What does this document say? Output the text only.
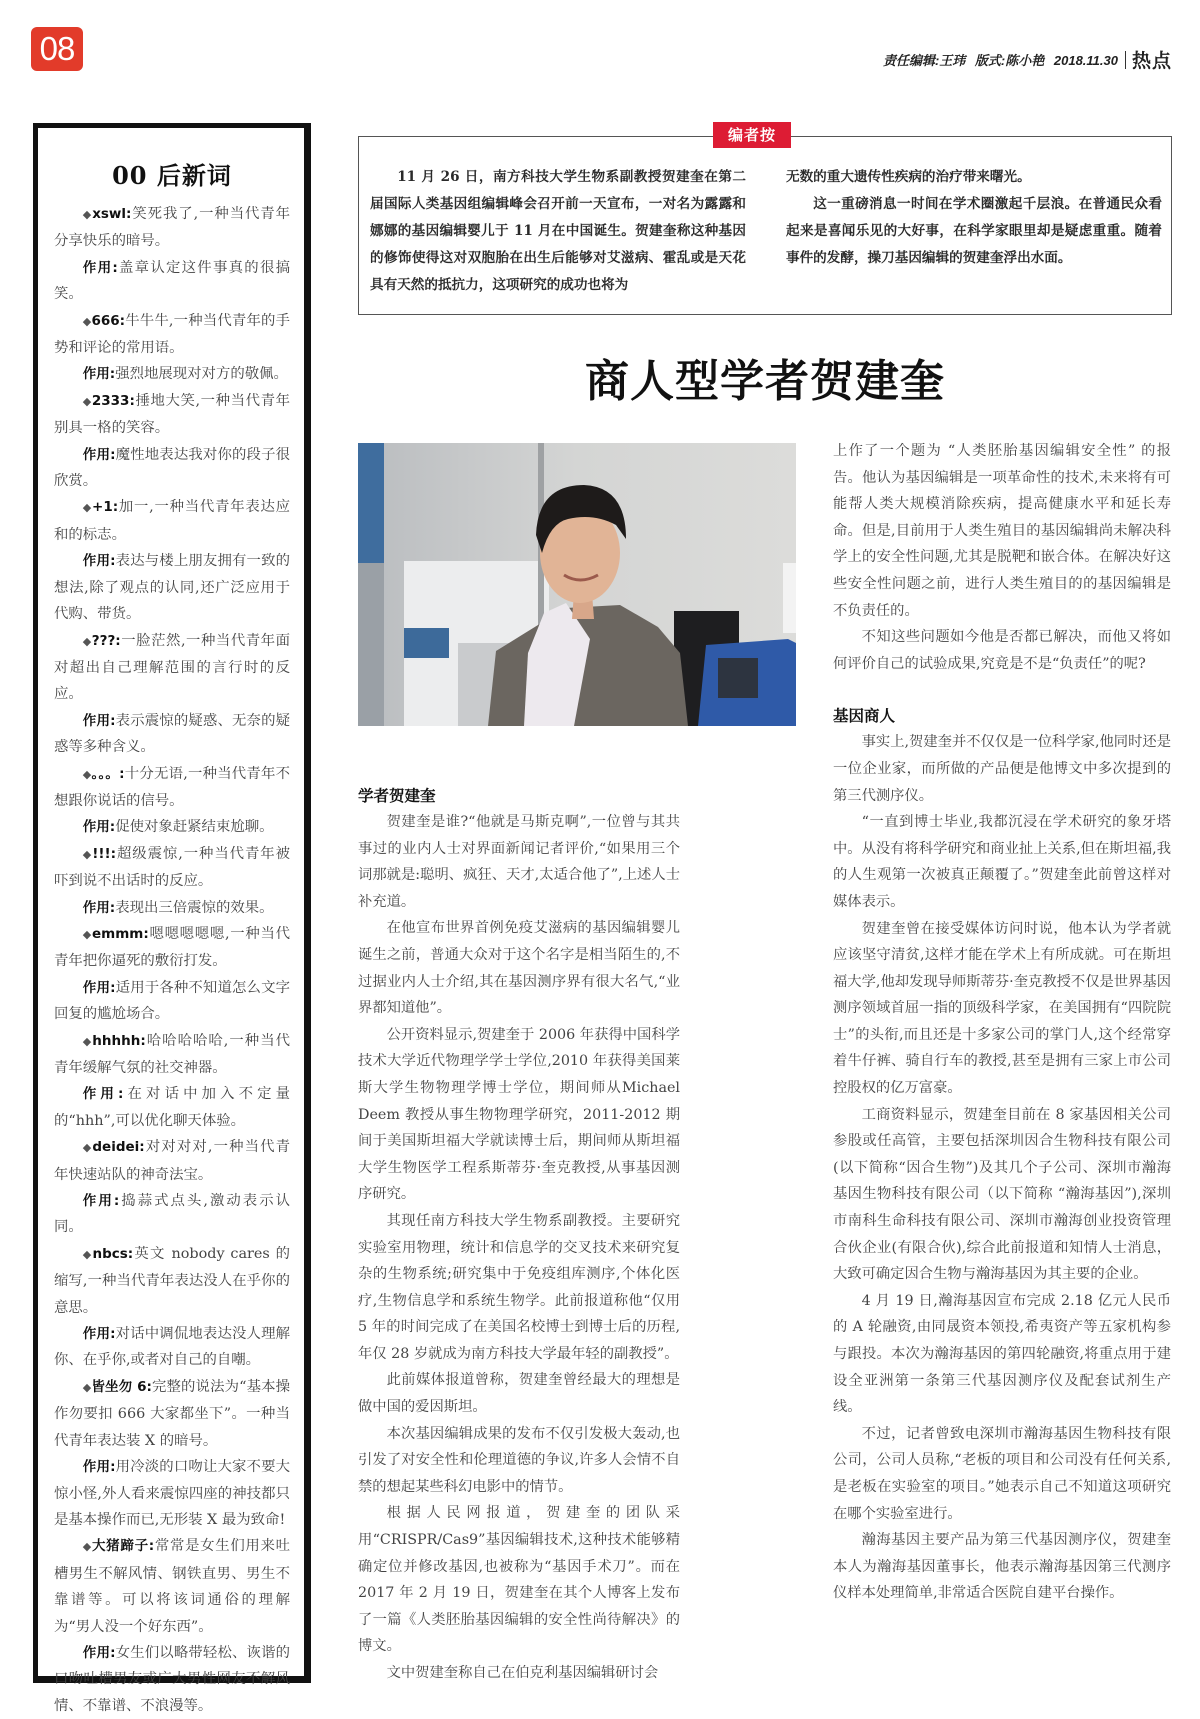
08	责任编辑:王玮 版式:陈小艳 2018.11.30 热点
00 后新词

◆xswl:笑死我了,一种当代青年分享快乐的暗号。

作用:盖章认定这件事真的很搞笑。

◆666:牛牛牛,一种当代青年的手势和评论的常用语。

作用:强烈地展现对对方的敬佩。

◆2333:捶地大笑,一种当代青年别具一格的笑容。

作用:魔性地表达我对你的段子很欣赏。

◆+1:加一,一种当代青年表达应和的标志。

作用:表达与楼上朋友拥有一致的想法,除了观点的认同,还广泛应用于代购、带货。

◆???:一脸茫然,一种当代青年面对超出自己理解范围的言行时的反应。

作用:表示震惊的疑惑、无奈的疑惑等多种含义。

◆。。。:十分无语,一种当代青年不想跟你说话的信号。

作用:促使对象赶紧结束尬聊。

◆!!!:超级震惊,一种当代青年被吓到说不出话时的反应。

作用:表现出三倍震惊的效果。

◆emmm:嗯嗯嗯嗯嗯,一种当代青年把你逼死的敷衍打发。

作用:适用于各种不知道怎么文字回复的尴尬场合。

◆hhhhh:哈哈哈哈哈,一种当代青年缓解气氛的社交神器。

作用:在对话中加入不定量的“hhh”,可以优化聊天体验。

◆deidei:对对对对,一种当代青年快速站队的神奇法宝。

作用:捣蒜式点头,激动表示认同。

◆nbcs:英文 nobody cares 的缩写,一种当代青年表达没人在乎你的意思。

作用:对话中调侃地表达没人理解你、在乎你,或者对自己的自嘲。

◆皆坐勿 6:完整的说法为“基本操作勿要扣 666 大家都坐下”。一种当代青年表达装 X 的暗号。

作用:用冷淡的口吻让大家不要大惊小怪,外人看来震惊四座的神技都只是基本操作而已,无形装 X 最为致命!

◆大猪蹄子:常常是女生们用来吐槽男生不解风情、钢铁直男、男生不靠谱等。可以将该词通俗的理解为“男人没一个好东西”。

作用:女生们以略带轻松、诙谐的口吻吐槽男友或广大男性网友不解风情、不靠谱、不浪漫等。

编者按

11 月 26 日，南方科技大学生物系副教授贺建奎在第二届国际人类基因组编辑峰会召开前一天宣布，一对名为露露和娜娜的基因编辑婴儿于 11 月在中国诞生。贺建奎称这种基因的修饰使得这对双胞胎在出生后能够对艾滋病、霍乱或是天花具有天然的抵抗力，这项研究的成功也将为

无数的重大遗传性疾病的治疗带来曙光。

这一重磅消息一时间在学术圈激起千层浪。在普通民众看起来是喜闻乐见的大好事，在科学家眼里却是疑虑重重。随着事件的发酵，操刀基因编辑的贺建奎浮出水面。

商人型学者贺建奎
学者贺建奎

贺建奎是谁?“他就是马斯克啊”,一位曾与其共事过的业内人士对界面新闻记者评价,“如果用三个词那就是:聪明、疯狂、天才,太适合他了”,上述人士补充道。

在他宣布世界首例免疫艾滋病的基因编辑婴儿诞生之前，普通大众对于这个名字是相当陌生的,不过据业内人士介绍,其在基因测序界有很大名气,“业界都知道他”。

公开资料显示,贺建奎于 2006 年获得中国科学技术大学近代物理学学士学位,2010 年获得美国莱斯大学生物物理学博士学位，期间师从Michael Deem 教授从事生物物理学研究，2011-2012 期间于美国斯坦福大学就读博士后，期间师从斯坦福大学生物医学工程系斯蒂芬·奎克教授,从事基因测序研究。

其现任南方科技大学生物系副教授。主要研究实验室用物理，统计和信息学的交叉技术来研究复杂的生物系统;研究集中于免疫组库测序,个体化医疗,生物信息学和系统生物学。此前报道称他“仅用 5 年的时间完成了在美国名校博士到博士后的历程,年仅 28 岁就成为南方科技大学最年轻的副教授”。

此前媒体报道曾称，贺建奎曾经最大的理想是做中国的爱因斯坦。

本次基因编辑成果的发布不仅引发极大轰动,也引发了对安全性和伦理道德的争议,许多人会情不自禁的想起某些科幻电影中的情节。

根据人民网报道，贺建奎的团队采用“CRISPR/Cas9”基因编辑技术,这种技术能够精确定位并修改基因,也被称为“基因手术刀”。而在 2017 年 2 月 19 日，贺建奎在其个人博客上发布了一篇《人类胚胎基因编辑的安全性尚待解决》的博文。

文中贺建奎称自己在伯克利基因编辑研讨会

上作了一个题为 “人类胚胎基因编辑安全性” 的报告。他认为基因编辑是一项革命性的技术,未来将有可能帮人类大规模消除疾病，提高健康水平和延长寿命。但是,目前用于人类生殖目的基因编辑尚未解决科学上的安全性问题,尤其是脱靶和嵌合体。在解决好这些安全性问题之前，进行人类生殖目的的基因编辑是不负责任的。

不知这些问题如今他是否都已解决，而他又将如何评价自己的试验成果,究竟是不是“负责任”的呢?

基因商人

事实上,贺建奎并不仅仅是一位科学家,他同时还是一位企业家，而所做的产品便是他博文中多次提到的第三代测序仪。

“一直到博士毕业,我都沉浸在学术研究的象牙塔中。从没有将科学研究和商业扯上关系,但在斯坦福,我的人生观第一次被真正颠覆了。”贺建奎此前曾这样对媒体表示。

贺建奎曾在接受媒体访问时说，他本认为学者就应该坚守清贫,这样才能在学术上有所成就。可在斯坦福大学,他却发现导师斯蒂芬·奎克教授不仅是世界基因测序领域首屈一指的顶级科学家，在美国拥有“四院院士”的头衔,而且还是十多家公司的掌门人,这个经常穿着牛仔裤、骑自行车的教授,甚至是拥有三家上市公司控股权的亿万富豪。

工商资料显示，贺建奎目前在 8 家基因相关公司参股或任高管，主要包括深圳因合生物科技有限公司(以下简称“因合生物”)及其几个子公司、深圳市瀚海基因生物科技有限公司（以下简称 “瀚海基因”),深圳市南科生命科技有限公司、深圳市瀚海创业投资管理合伙企业(有限合伙),综合此前报道和知情人士消息，大致可确定因合生物与瀚海基因为其主要的企业。

4 月 19 日,瀚海基因宣布完成 2.18 亿元人民币的 A 轮融资,由同晟资本领投,希夷资产等五家机构参与跟投。本次为瀚海基因的第四轮融资,将重点用于建设全亚洲第一条第三代基因测序仪及配套试剂生产线。

不过，记者曾致电深圳市瀚海基因生物科技有限公司，公司人员称,“老板的项目和公司没有任何关系,是老板在实验室的项目。”她表示自己不知道这项研究在哪个实验室进行。

瀚海基因主要产品为第三代基因测序仪，贺建奎本人为瀚海基因董事长，他表示瀚海基因第三代测序仪样本处理简单,非常适合医院自建平台操作。
